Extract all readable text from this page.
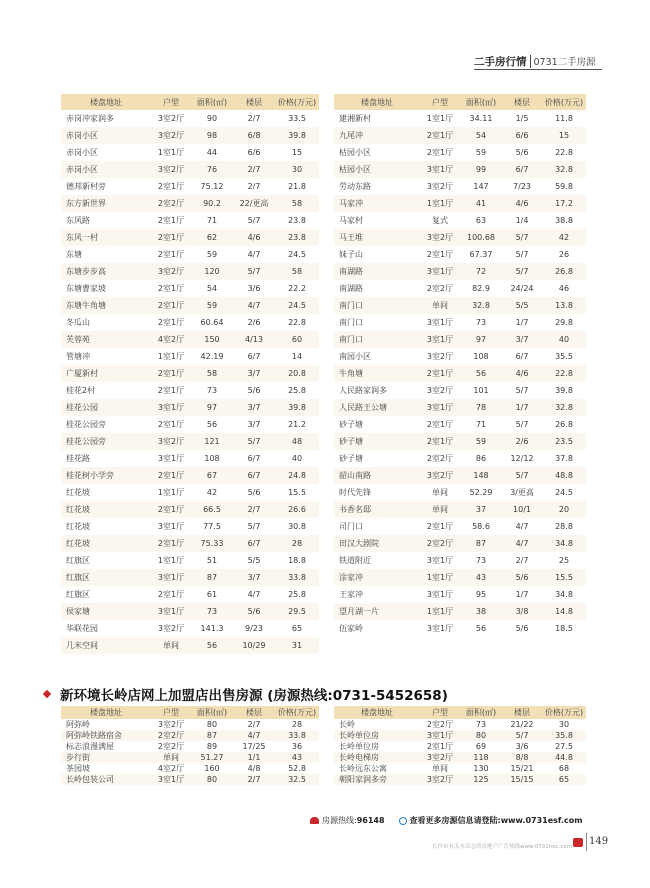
二手房行情 0731二手房源
楼盘地址	户型	面积(㎡)	楼层	价格(万元)
赤岗冲家润多	3室2厅	90	2/7	33.5
赤岗小区	3室2厅	98	6/8	39.8
赤岗小区	1室1厅	44	6/6	15
赤岗小区	3室2厅	76	2/7	30
德邦新村旁	2室1厅	75.12	2/7	21.8
东方新世界	2室2厅	90.2	22/更高	58
东风路	2室1厅	71	5/7	23.8
东风一村	2室1厅	62	4/6	23.8
东塘	2室1厅	59	4/7	24.5
东塘步步高	3室2厅	120	5/7	58
东塘曹家坡	2室1厅	54	3/6	22.2
东塘牛角塘	2室1厅	59	4/7	24.5
冬瓜山	2室1厅	60.64	2/6	22.8
芙蓉苑	4室2厅	150	4/13	60
管塘冲	1室1厅	42.19	6/7	14
广厦新村	2室1厅	58	3/7	20.8
桂花2村	2室1厅	73	5/6	25.8
桂花公园	3室1厅	97	3/7	39.8
桂花公园旁	2室1厅	56	3/7	21.2
桂花公园旁	3室2厅	121	5/7	48
桂花路	3室1厅	108	6/7	40
桂花树小学旁	2室1厅	67	6/7	24.8
红花坡	1室1厅	42	5/6	15.5
红花坡	2室1厅	66.5	2/7	26.6
红花坡	3室1厅	77.5	5/7	30.8
红花坡	2室1厅	75.33	6/7	28
红旗区	1室1厅	51	5/5	18.8
红旗区	3室1厅	87	3/7	33.8
红旗区	2室1厅	61	4/7	25.8
侯家塘	3室1厅	73	5/6	29.5
华联花园	3室2厅	141.3	9/23	65
几米空间	单间	56	10/29	31
楼盘地址	户型	面积(㎡)	楼层	价格(万元)
建湘新村	1室1厅	34.11	1/5	11.8
九尾冲	2室1厅	54	6/6	15
枯园小区	2室1厅	59	5/6	22.8
枯园小区	3室1厅	99	6/7	32.8
劳动东路	3室2厅	147	7/23	59.8
马家冲	1室1厅	41	4/6	17.2
马家村	复式	63	1/4	38.8
马王堆	3室2厅	100.68	5/7	42
妹子山	2室1厅	67.37	5/7	26
南湖路	3室1厅	72	5/7	26.8
南湖路	2室2厅	82.9	24/24	46
南门口	单间	32.8	5/5	13.8
南门口	3室1厅	73	1/7	29.8
南门口	3室1厅	97	3/7	40
南园小区	3室2厅	108	6/7	35.5
牛角塘	2室1厅	56	4/6	22.8
人民路家润多	3室2厅	101	5/7	39.8
人民路王公塘	3室1厅	78	1/7	32.8
砂子塘	2室1厅	71	5/7	26.8
砂子塘	2室1厅	59	2/6	23.5
砂子塘	2室2厅	86	12/12	37.8
韶山南路	3室2厅	148	5/7	48.8
时代先锋	单间	52.29	3/更高	24.5
书香名邸	单间	37	10/1	20
司门口	2室1厅	58.6	4/7	28.8
田汉大剧院	2室2厅	87	4/7	34.8
铁道附近	3室1厅	73	2/7	25
涂家冲	1室1厅	43	5/6	15.5
王家冲	3室1厅	95	1/7	34.8
望月湖一片	1室1厅	38	3/8	14.8
伍家岭	3室1厅	56	5/6	18.5
新环境长岭店网上加盟店出售房源 (房源热线:0731-5452658)
楼盘地址	户型	面积(㎡)	楼层	价格(万元)
阿弥岭	3室2厅	80	2/7	28
阿弥岭铁路宿舍	2室2厅	87	4/7	33.8
标志浪漫满屋	2室2厅	89	17/25	36
步行街	单间	51.27	1/1	43
茶园坡	4室2厅	160	4/8	52.8
长岭包装公司	3室1厅	80	2/7	32.5
楼盘地址	户型	面积(㎡)	楼层	价格(万元)
长岭	2室2厅	73	21/22	30
长岭单位房	3室1厅	80	5/7	35.8
长岭单位房	2室1厅	69	3/6	27.5
长岭电梯房	3室2厅	118	8/8	44.8
长岭远东公寓	单间	130	15/21	68
朝阳家润多旁	3室2厅	125	15/15	65
房源热线: 96148	查看更多房源信息请登陆: www.0731esf.com
长沙市有关本杂志的房地产广告热线www.0731hoc.com 149
